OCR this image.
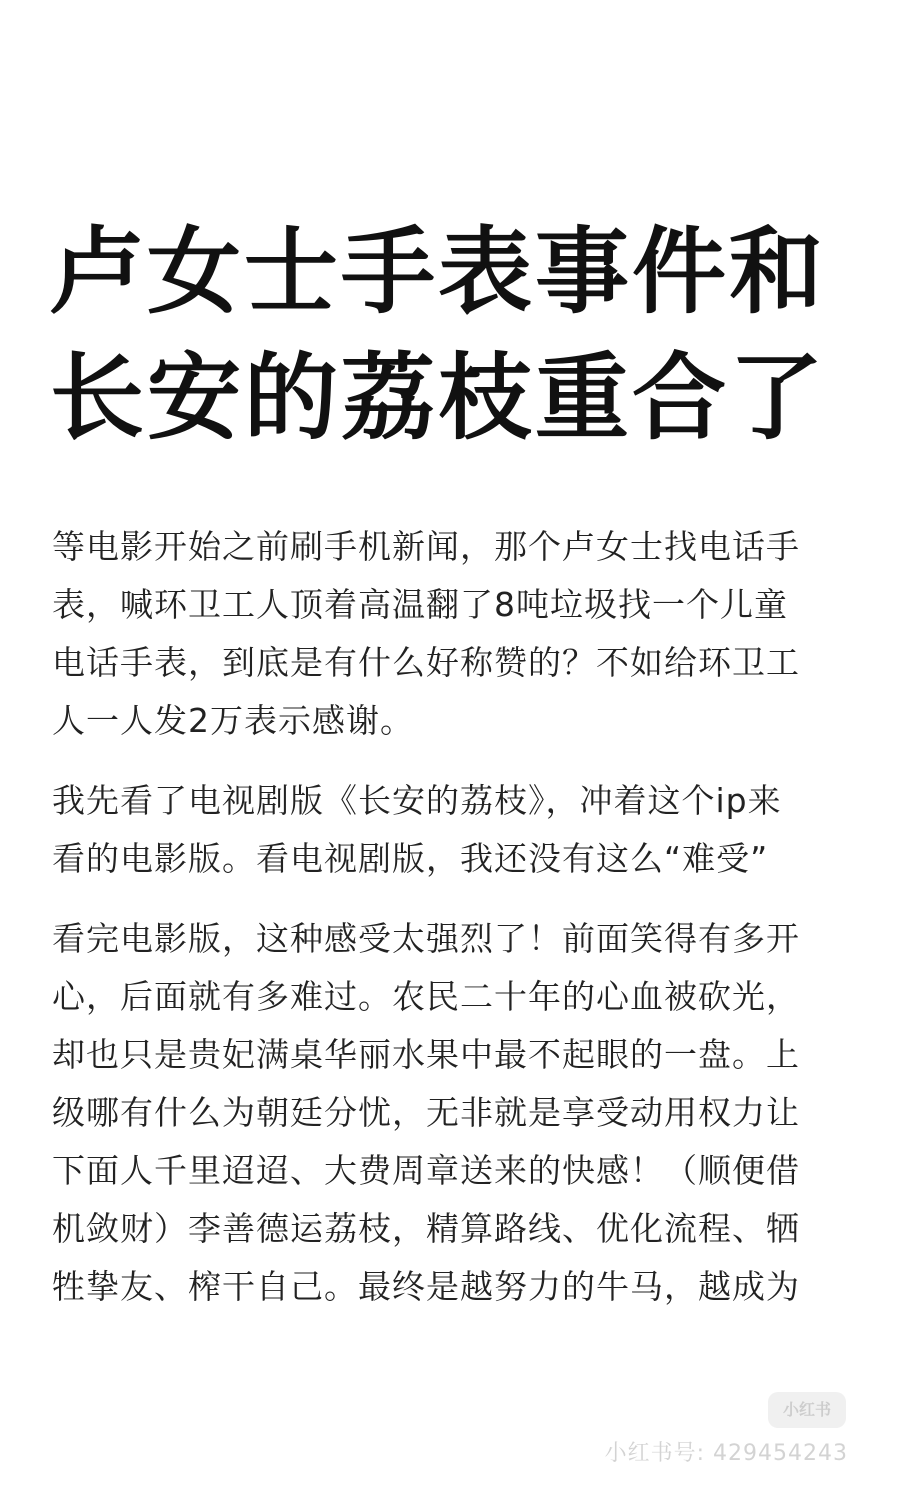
卢女士手表事件和
长安的荔枝重合了

等电影开始之前刷手机新闻，那个卢女士找电话手
表，喊环卫工人顶着高温翻了8吨垃圾找一个儿童
电话手表，到底是有什么好称赞的？不如给环卫工
人一人发2万表示感谢。

我先看了电视剧版《长安的荔枝》，冲着这个ip来
看的电影版。看电视剧版，我还没有这么“难受”

看完电影版，这种感受太强烈了！前面笑得有多开
心，后面就有多难过。农民二十年的心血被砍光，
却也只是贵妃满桌华丽水果中最不起眼的一盘。上
级哪有什么为朝廷分忧，无非就是享受动用权力让
下面人千里迢迢、大费周章送来的快感！（顺便借
机敛财）李善德运荔枝，精算路线、优化流程、牺
牲挚友、榨干自己。最终是越努力的牛马，越成为

小红书
小红书号: 429454243
